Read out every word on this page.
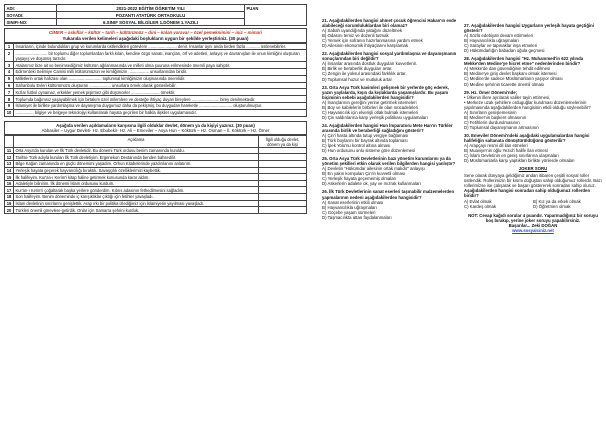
ADI:	2021-2022 EĞİTİM ÖĞRETİM YILI	PUAN
SOYADI:	POZANTI ATATÜRK ORTAOKULU	
SINIFI-NO:	6.SINIF SOSYAL BİLGİLER 1.DÖNEM 1.YAZILI	
CİMER – askıflar – kültür – tarih – kültürümüz – dini – kalan varavar – özel pemeknimini – iniz – mimari
Yukarıda verilen kelimeleri aşağıdaki boşlukların uygun bir şekilde yerleştiriniz. (30 puan)
1	İnsanların, içinde bulundukları grup ve kurumlarda üstlendikleri görevlere ......................... denir. İnsanlar aynı anda birden fazla ............ üstlenebilirler.
2	............................ bir toplumu diğer toplumlardan farklı kılan, kendine özgü sanatı, inançları, örf ve adetleri, anlayış ve davranışları ile onun kimliğini oluşturan yaşayış ve düşünüş tarzıdır.
3	Atalarımız bize ait ve benimsediğimiz kültürün ağılanmasında ve milleti olma şuuruna erilmesinde önemli paya sahiptir.
4	Edirne'deki Selimiye Camisi milli kültürümüzün ve kimliğimizin .................. unsurlarından biridir.
5	Milletlerin ortak hafızası olan ............................. toplumsal kimliğimizin oluşmasında önemlidir.
6	Safranbolu Evleri kültürümüzü oluşturan ................... unsurlara örnek olarak gösterilebilir.
7	Kızlar futbol oynamaz, erkekler yemek pişirmez gibi düşünceler ......................... örnektir.
8	Toplumda bağımsız yaşayabilmek için birtakım özel önlemlere ve desteğe ihtiyaç duyan bireylere ........................ birey denilmektedir.
9	İslamiyet ile birlikte yardımlaşma ve dayanışma duygumuz daha da pekişmiş, bu duygudan hareketle ............................. oluşturulmuştur.
10	................ bilgiye ve belgeye teknolojiyi kullanılarak hayata geçirilen bir halkla ilişkiler uygulamasıdır.
Aşağıda verilen açıklamaların karşısına ilgili olduklar devlet, dönem ya da kişiyi yazınız. (30 puan)
Abbasiler – Uygur Devleti- Hz. Ebubekir- Hz. Ali – Emeviler – Asya Hun – Köktürk – Hz. Osman – İl. Köktürk – Hz. Ömer
	Açıklama	İlgili olduğu devlet, dönem ya da kişi
11	Orta Asya'da kurulan ve İlk Türk devletidir. Bu dönemi Türk ordusu benim zamanında kuruldu.	
12	Tarihte Türk adıyla kurulan İlk Türk devletiyim. Ergenekon Destanında benden bahsedilir.	
13	Bilge Kağan zamanında en güçlü dönemimi yaşadım. Orhun Kitabelerinde yazdırılanını anlatırım.	
14	Yerleşik hayata geçerek hayvancılığı bıraktık. Savaşçılık özelliklerimizi kaybettik.	
15	İlk halifeyim. Kur'an-ı Kerim'i kitap haline getirmek konusunda karar aldım.	
16	Adaletiyle bilinirim. İlk dönemi İslam ordusunu kurdum.	
17	Kur'an-ı Kerim'i çoğaltarak başka yerlere gönderdim. Kıbrıs adasının fethedilmesini sağladım.	
18	Son halifeyim. Benim döneminde iç karışıklıklar çıktığı için fetihler yavaşladı.	
19	İslam devletinin sınırlarını genişlettik. Arap ırkı bir politika izlediğimiz için İslamiyetin yayılması yavaşladı.	
20	Türkleri önemli görevlere getirdik. Onlar için Samarra şehrini kurduk.	
21. Aşağıdakilerden hangisi ahmet çocuk öğrencisi Hakan'ın evde alabileceği sorumluluklardan biri olamaz?
A) Sabah uyandığında yatağını düzeltmek
B) Odasını temiz ve düzenli tutmak
C) Yemek için sofranın hazırlanmasına yardım etmek
D) Ailesinin ekonomik ihtiyaçlarını karşılamak
22. Aşağıdakilerden hangisi sosyal yardımlaşma ve dayanışmanın sonuçlarından biri değildir?
A) İnsanlar arasında dostluk duyguları kuvvetlenir.
B) Birlik ve beraberlik duyguları artar.
C) Zengin ile yoksul arasındaki farklılık artar.
D) Toplumsal huzur ve mutluluk artar
23. Orta Asya Türk kavimleri gelişmek bir yerlerde göç ederek, yazın yaylalarda, kışın da kışlaklarda yaşamışlardır. Bu yaşam biçiminin sebebi aşağıdakilerden hangisidir?
A) İnançlarının gereğini yerine getirmek istemeleri
B) Boy ve kabilelerin birbirleri ile olan mücadeleleri
C) Hayvancılık için elverişli otlak bulmak istemeleri
D) Çin saldırılarına karşı yerleşik politikası uygulamaları
24. Aşağıdakilerden hangisi Hun İmparatoru Mete Han'ın Türkler arasında birlik ve beraberliği sağladığını gösterir?
A) Çin'i hasta altında tutup vergiye bağlaması
B) Türk boylarını bir bayrak altında toplaması
C) İpek Yolu'nu kontrol altına alması
D) Hun ordusunu onlu sisteme göre düzenlemesi
25. Orta Asya Türk Devletlerinin bazı yönetim kurumlarını ya da yönetim şekilleri etkin olarak verilen bilgilerden hangisi yanlıştır?
A) Devletin "Hükümdar ailesinin ortak malıdır" anlayışı
B) En yakın komşuları Çin'in kuvvetli olması
C) Yerleşik hayata geçememiş olmaları
D) Askerlerin adalete ok, yay ve mızrak kullanmaları
26. İlk Türk Devletlerinin sanat eserleri taşınabilir malzemelerden yapmalarının nedeni aşağıdakilerden hangisidir?
A) Sanat eserlerinin etkili olması
B) Hayvancılıkla uğraşmaları
C) Göçebe yaşam sürmeleri
D) Taşmacılıkta attan faydalanmaları
27. Aşağıdakilerden hangisi Uygurların yerleşik hayata geçtiğini gösterir?
A) Sözlü edebiyatı devam ettirmeleri
B) Hayvancılıkla uğraşmaları
C) Saraylar ve tapınaklar inşa etmeleri
D) Hükümdarlığın babadan oğula geçmesi
28. Aşağıdakilerden hangisi "Hz. Muhammed'in 622 yılında Mekke'den Medine'ye hicret etme" nedenlerinden biridir?
A) Mekke'de dan güvendiğinin tehdit edilmesi
B) Medine'ye giriş devlet başkanı olmak istemesi
C) Medine'de sadece Müslümanların yaşıyor olması
D) Medine şehrinin ticarette önemli olması
29. Hz. Ömer Dönemi'nde;
• Ülkenin illere ayrılarak valiler tayin ettirmesi,
• Merkeze uzak şehirlere orduguğlar kurulması düzenlemelerinin yapılmasında aşağıdakilerden hangisinin etkili olduğu söylenebilir?
A) Sınırların genişlemesinin
B) Medine'nin başkent olmasının
C) Fetihlerin durdurulmasının
D) Toplumsal dayanışmanın artmasının
30. Emeviler Dönemi'ndeki aşağıdaki uygulamalardan hangisi halifeliğin saltanata dönüştürüldüğünü gösterilir?
A) Arapçayı resmi dil ilan etmeleri
B) Muaviye'nin oğlu Yezid'i halife ilan etmesi
C) İslam Devletinin en geniş sınırlarına ulaşmaları
D) Müslümanlarla karşı yaptıkları birlikte yönlerde olmaları
JOKER SORU
Sene olarak dünyaya geldiğimiz andan itibaren çeşitli sosyal roller üstlendik. Rollerimizin bir kısmı doğuştan sahip olduğumuz rollerdir. Bazı rollerimizse ise çalışarak ve başarı göstererek sonradan sahip oluruz.
Aşağıdakilerden hangisi sonradan sahip olduğumuz rollerden biridir?
A) Evlat olmak	B) Kız ya da erkek olmak
C) Kardeş olmak	D) Öğretmen olmak
NOT: Cevap kağıdı sorular 4 puandır. Yaparmadığınız bir soruyu boş bırakıp, yerine joker soruyu yapabilirsiniz.
Başarılar... Zeki DOĞAN
www.sosyalciniz.net
